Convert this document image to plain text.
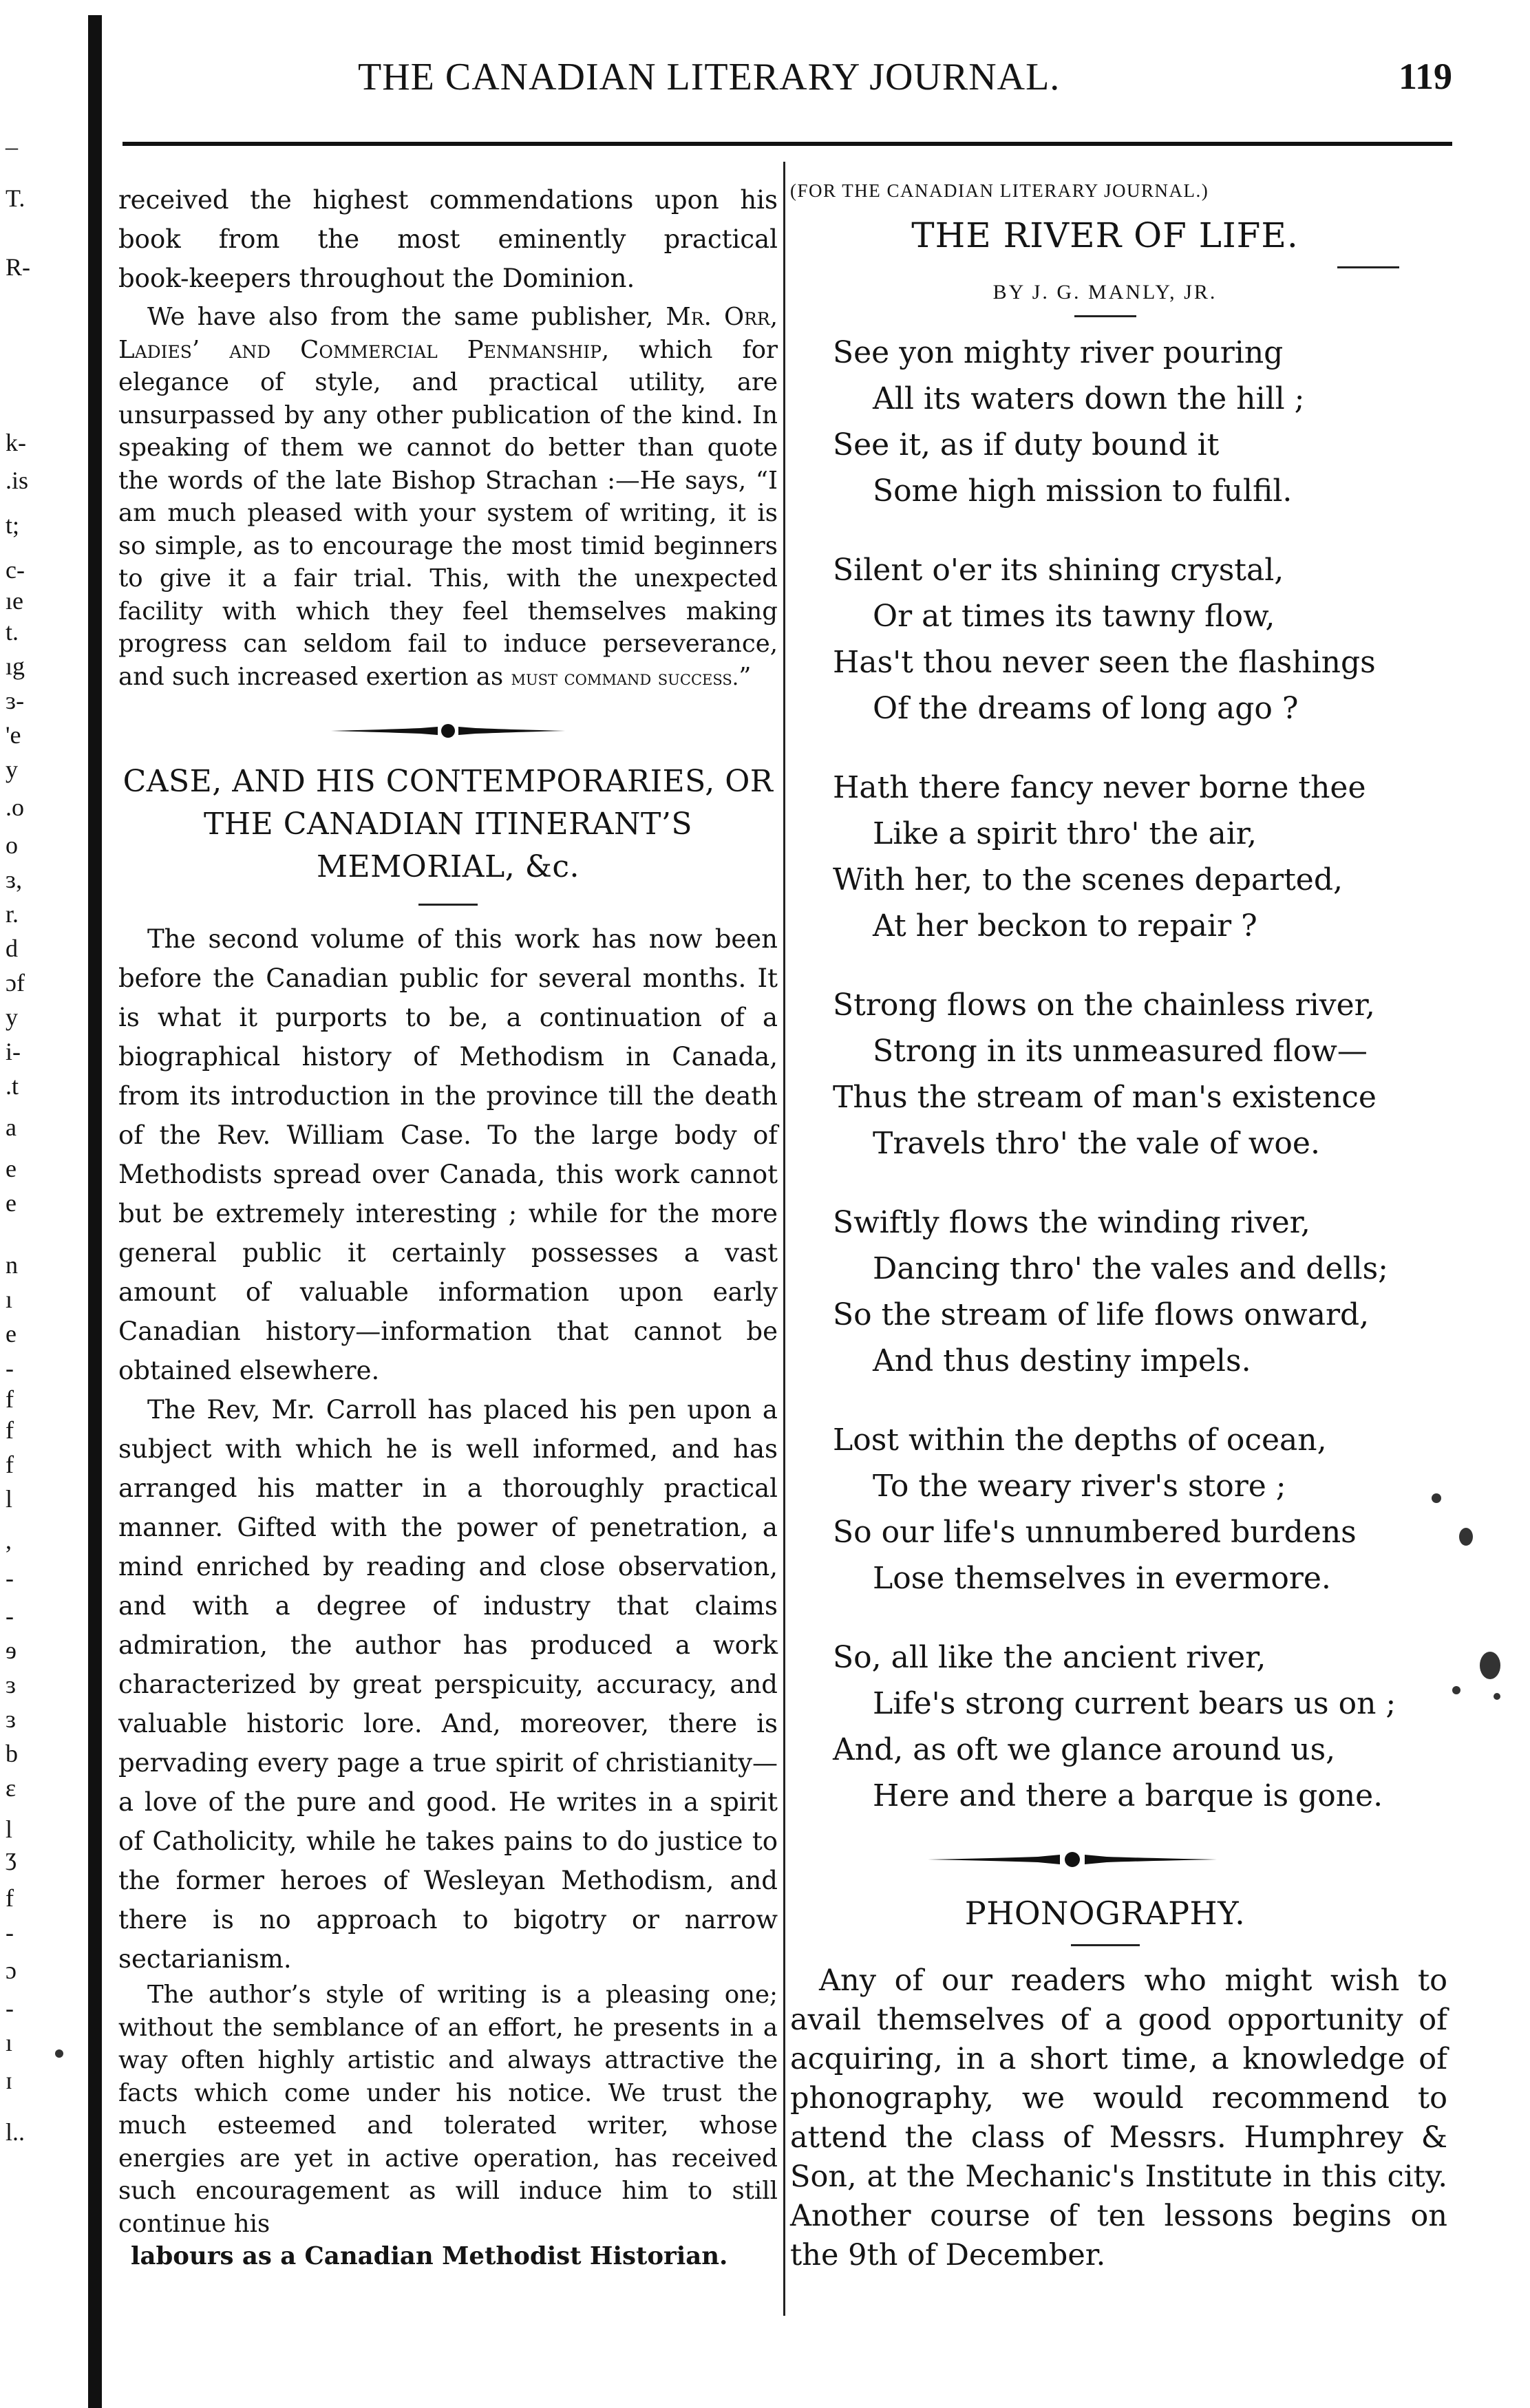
–
T.
R-
k-
.is
t;
c-
ıe
t.
ıg
ɜ-
'e
y
.o
o
ɜ,
r.
d
ɔf
y
i-
.t
a
e
e
n
ı
e
-
f
f
f
l
,
-
-
ɘ
ɜ
ɜ
b
ɛ
l
ʒ
f
-
ɔ
-
ı
ɪ
l..
THE CANADIAN LITERARY JOURNAL.	119
received the highest commendations upon his
book from the most eminently practical
book-keepers throughout the Dominion.

We have also from the same publisher, Mr. Orr, Ladies’ and Commercial Penmanship, which for elegance of style, and practical utility, are unsurpassed by any other publication of the kind. In speaking of them we cannot do better than quote the words of the late Bishop Strachan :—He says, “I am much pleased with your system of writing, it is so simple, as to encourage the most timid beginners to give it a fair trial. This, with the unexpected facility with which they feel themselves making progress can seldom fail to induce perseverance, and such increased exertion as must command success.”

CASE, AND HIS CONTEMPORARIES, OR THE CANADIAN ITINERANT’S MEMORIAL, &c.

The second volume of this work has now been before the Canadian public for several months. It is what it purports to be, a continuation of a biographical history of Methodism in Canada, from its introduction in the province till the death of the Rev. William Case. To the large body of Methodists spread over Canada, this work cannot but be extremely interesting ; while for the more general public it certainly possesses a vast amount of valuable information upon early Canadian history—information that cannot be obtained elsewhere.

The Rev, Mr. Carroll has placed his pen upon a subject with which he is well informed, and has arranged his matter in a thoroughly practical manner. Gifted with the power of penetration, a mind enriched by reading and close observation, and with a degree of industry that claims admiration, the author has produced a work characterized by great perspicuity, accuracy, and valuable historic lore. And, moreover, there is pervading every page a true spirit of christianity—a love of the pure and good. He writes in a spirit of Catholicity, while he takes pains to do justice to the former heroes of Wesleyan Methodism, and there is no approach to bigotry or narrow sectarianism.

The author’s style of writing is a pleasing one; without the semblance of an effort, he presents in a way often highly artistic and always attractive the facts which come under his notice. We trust the much esteemed and tolerated writer, whose energies are yet in active operation, has received such encouragement as will induce him to still continue his

labours as a Canadian Methodist Historian.
(FOR THE CANADIAN LITERARY JOURNAL.)
THE RIVER OF LIFE.
BY J. G. MANLY, JR.
See yon mighty river pouring
All its waters down the hill ;
See it, as if duty bound it
Some high mission to fulfil.
Silent o'er its shining crystal,
Or at times its tawny flow,
Has't thou never seen the flashings
Of the dreams of long ago ?
Hath there fancy never borne thee
Like a spirit thro' the air,
With her, to the scenes departed,
At her beckon to repair ?
Strong flows on the chainless river,
Strong in its unmeasured flow—
Thus the stream of man's existence
Travels thro' the vale of woe.
Swiftly flows the winding river,
Dancing thro' the vales and dells;
So the stream of life flows onward,
And thus destiny impels.
Lost within the depths of ocean,
To the weary river's store ;
So our life's unnumbered burdens
Lose themselves in evermore.
So, all like the ancient river,
Life's strong current bears us on ;
And, as oft we glance around us,
Here and there a barque is gone.
PHONOGRAPHY.

Any of our readers who might wish to avail themselves of a good opportunity of acquiring, in a short time, a knowledge of phonography, we would recommend to attend the class of Messrs. Humphrey & Son, at the Mechanic's Institute in this city. Another course of ten lessons begins on the 9th of December.
